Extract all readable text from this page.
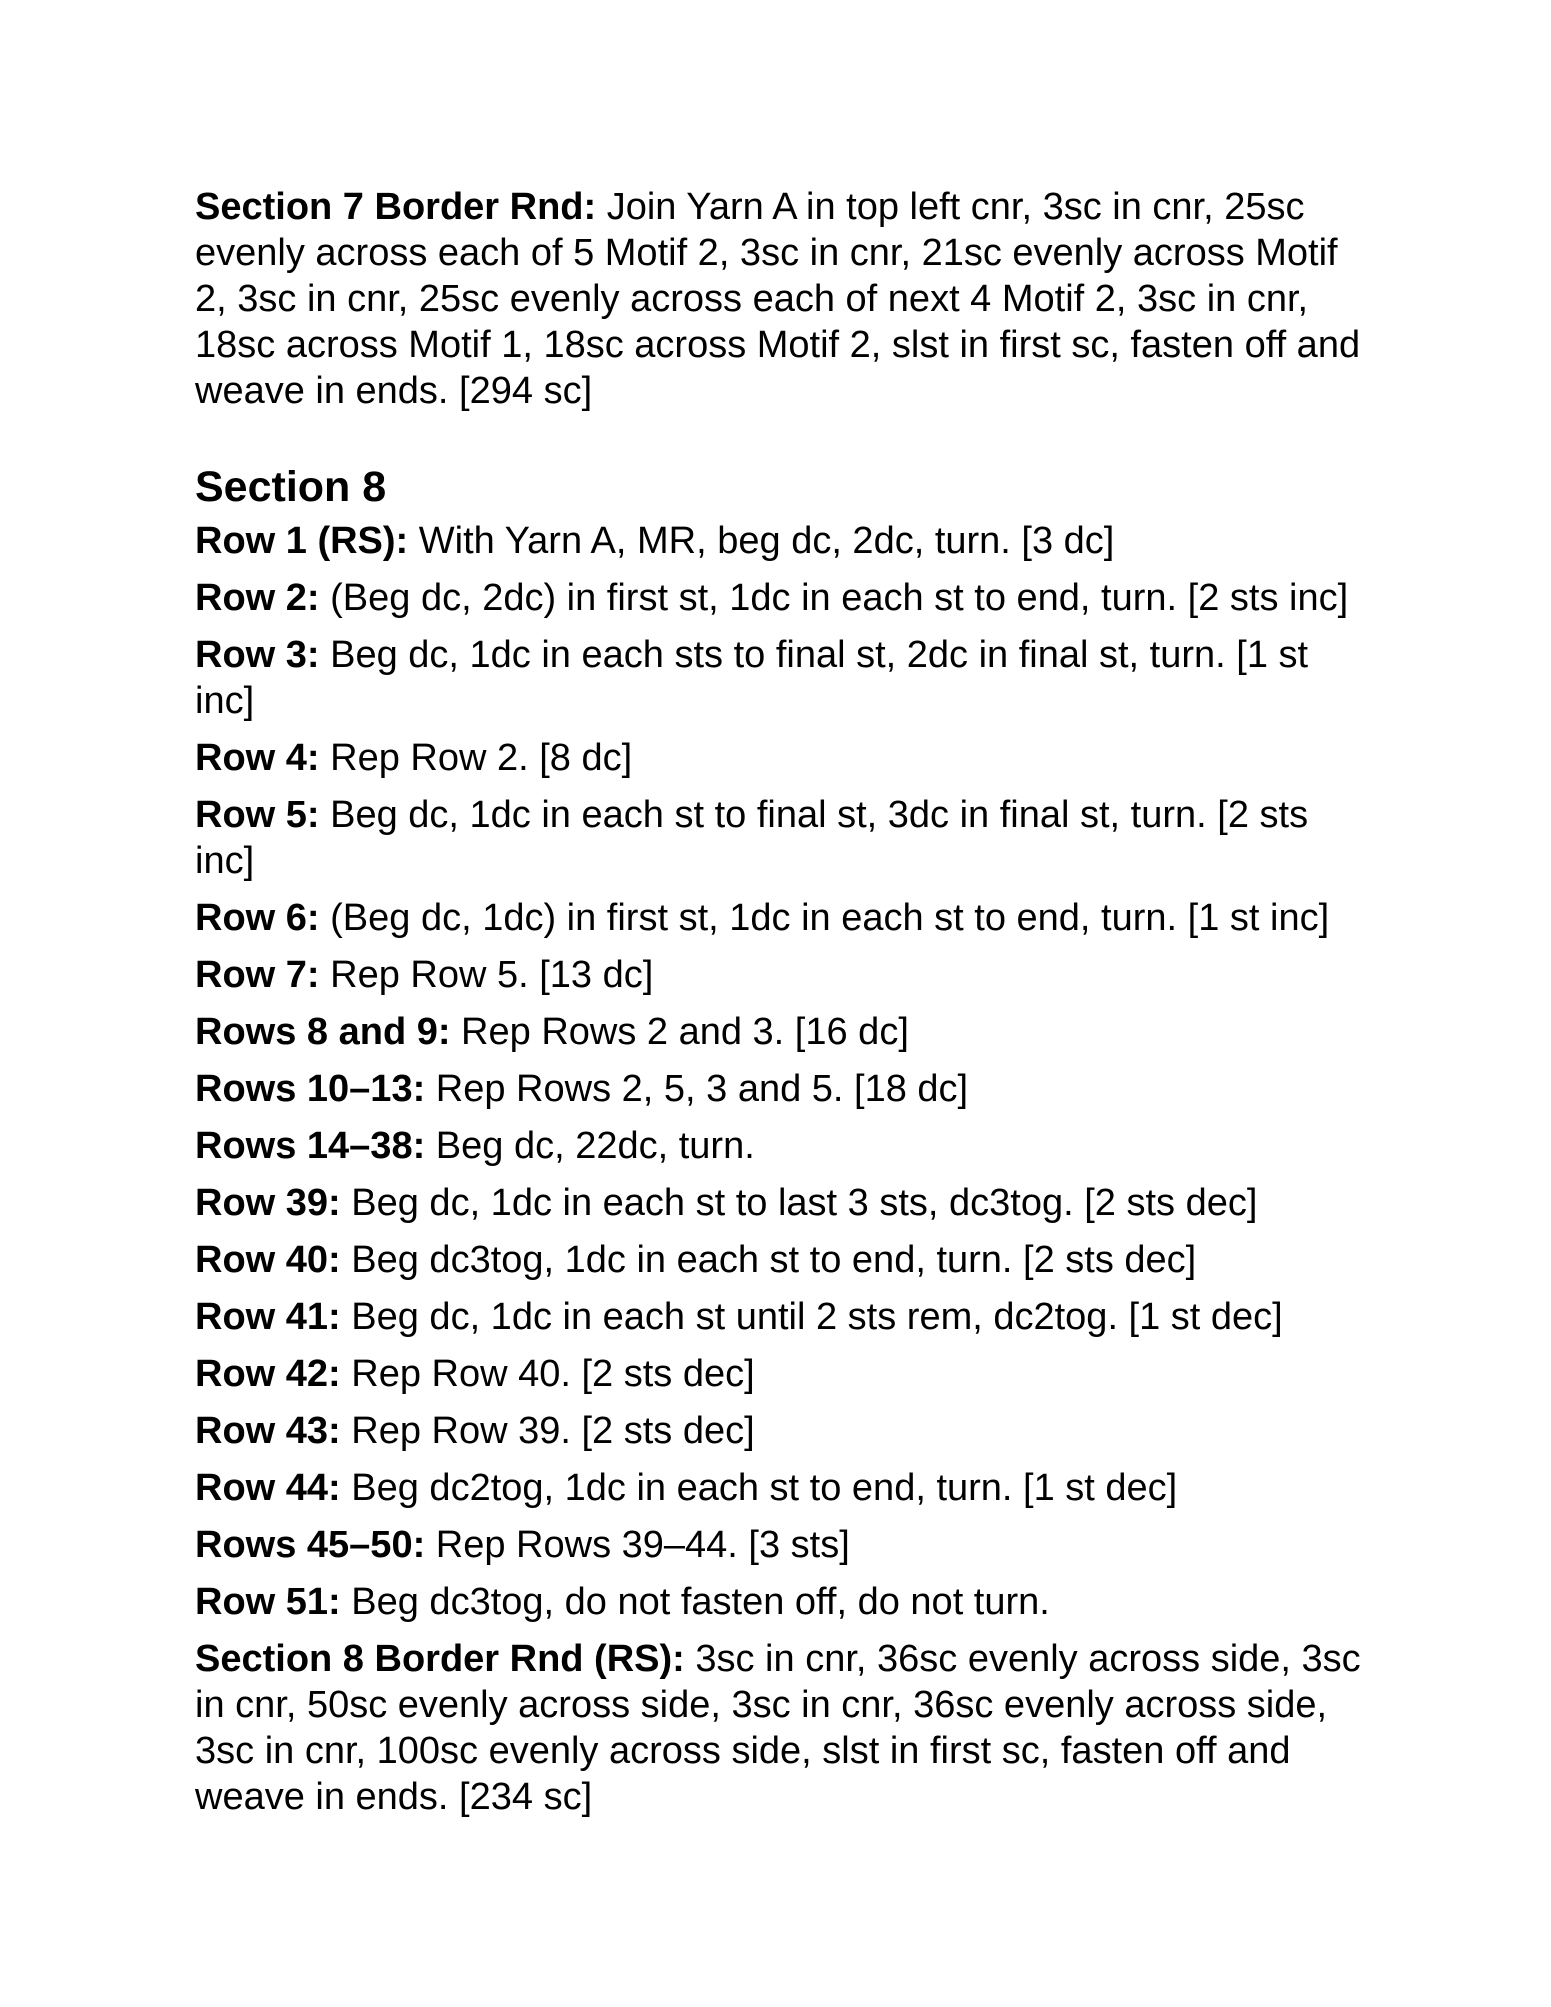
Section 7 Border Rnd: Join Yarn A in top left cnr, 3sc in cnr, 25sc evenly across each of 5 Motif 2, 3sc in cnr, 21sc evenly across Motif 2, 3sc in cnr, 25sc evenly across each of next 4 Motif 2, 3sc in cnr, 18sc across Motif 1, 18sc across Motif 2, slst in first sc, fasten off and weave in ends. [294 sc]

Section 8

Row 1 (RS): With Yarn A, MR, beg dc, 2dc, turn. [3 dc]

Row 2: (Beg dc, 2dc) in first st, 1dc in each st to end, turn. [2 sts inc]

Row 3: Beg dc, 1dc in each sts to final st, 2dc in final st, turn. [1 st inc]

Row 4: Rep Row 2. [8 dc]

Row 5: Beg dc, 1dc in each st to final st, 3dc in final st, turn. [2 sts inc]

Row 6: (Beg dc, 1dc) in first st, 1dc in each st to end, turn. [1 st inc]

Row 7: Rep Row 5. [13 dc]

Rows 8 and 9: Rep Rows 2 and 3. [16 dc]

Rows 10–13: Rep Rows 2, 5, 3 and 5. [18 dc]

Rows 14–38: Beg dc, 22dc, turn.

Row 39: Beg dc, 1dc in each st to last 3 sts, dc3tog. [2 sts dec]

Row 40: Beg dc3tog, 1dc in each st to end, turn. [2 sts dec]

Row 41: Beg dc, 1dc in each st until 2 sts rem, dc2tog. [1 st dec]

Row 42: Rep Row 40. [2 sts dec]

Row 43: Rep Row 39. [2 sts dec]

Row 44: Beg dc2tog, 1dc in each st to end, turn. [1 st dec]

Rows 45–50: Rep Rows 39–44. [3 sts]

Row 51: Beg dc3tog, do not fasten off, do not turn.

Section 8 Border Rnd (RS): 3sc in cnr, 36sc evenly across side, 3sc in cnr, 50sc evenly across side, 3sc in cnr, 36sc evenly across side, 3sc in cnr, 100sc evenly across side, slst in first sc, fasten off and weave in ends. [234 sc]
